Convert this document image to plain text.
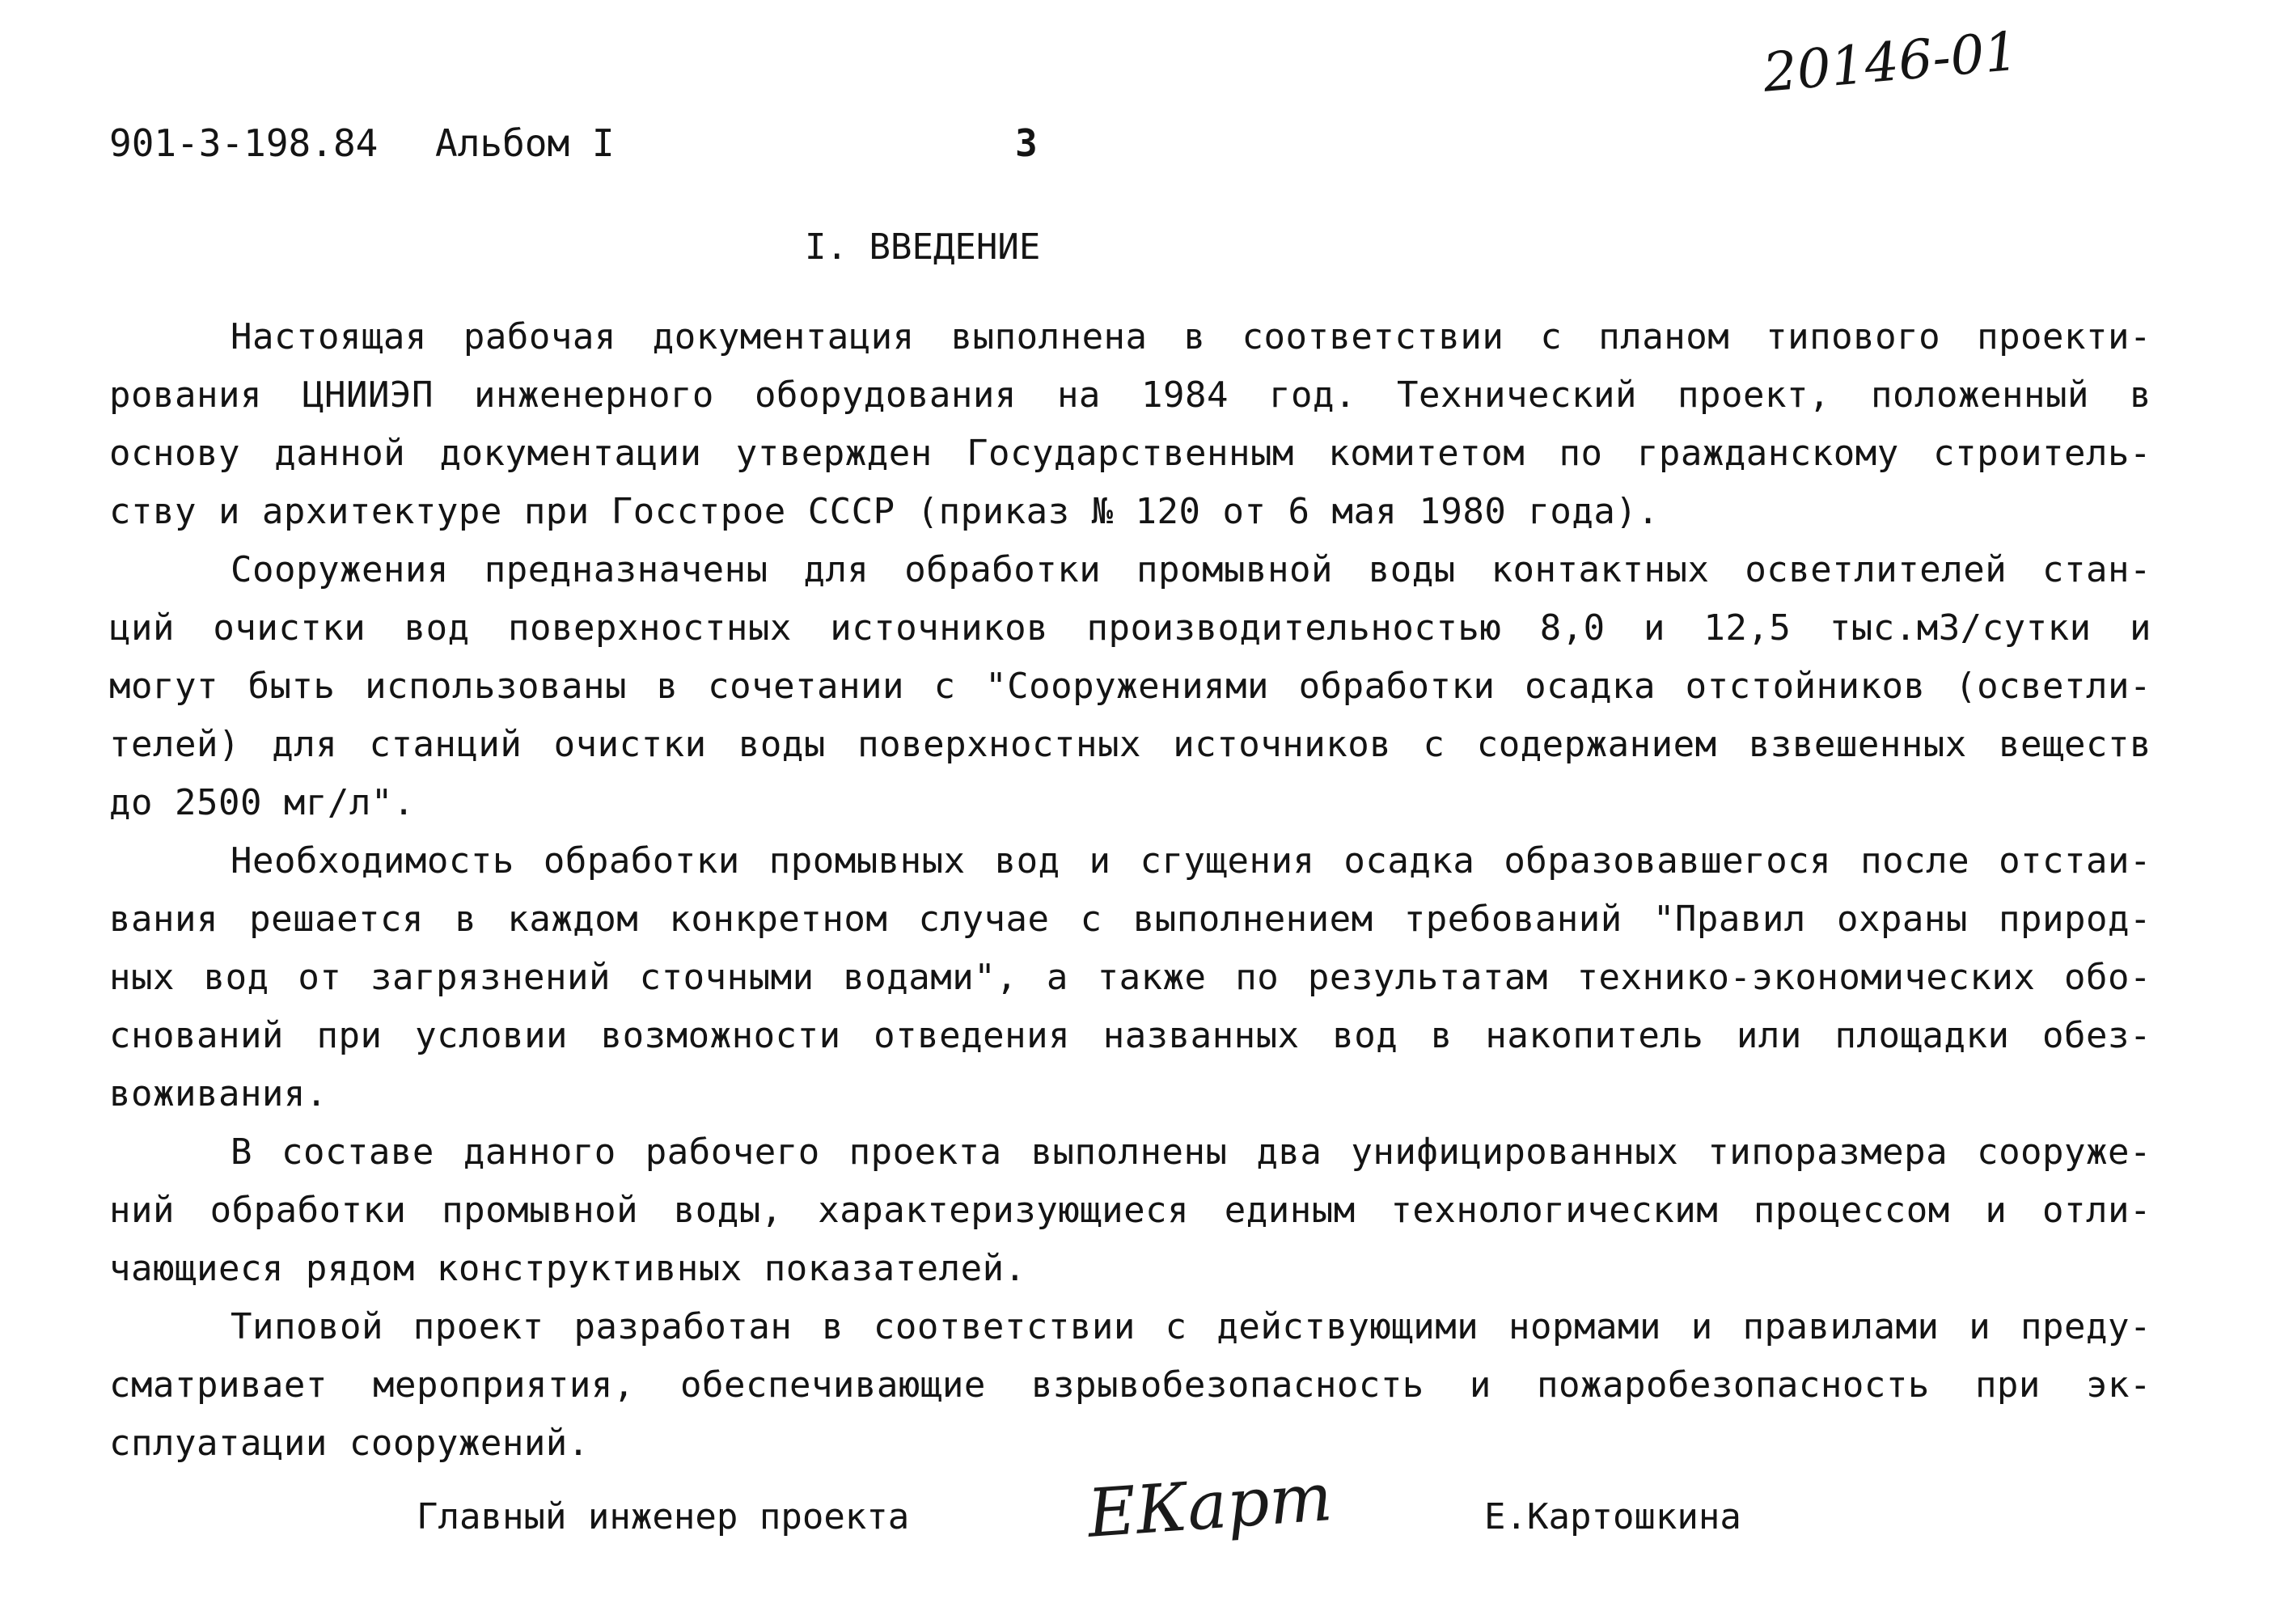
20146-01
901-3-198.84 Альбом I	3
I. ВВЕДЕНИЕ
Настоящая рабочая документация выполнена в соответствии с планом типового проекти-
рования ЦНИИЭП инженерного оборудования на 1984 год. Технический проект, положенный в
основу данной документации утвержден Государственным комитетом по гражданскому строитель-
ству и архитектуре при Госстрое СССР (приказ № 120 от 6 мая 1980 года).
Сооружения предназначены для обработки промывной воды контактных осветлителей стан-
ций очистки вод поверхностных источников производительностью 8,0 и 12,5 тыс.м3/сутки и
могут быть использованы в сочетании с "Сооружениями обработки осадка отстойников (осветли-
телей) для станций очистки воды поверхностных источников с содержанием взвешенных веществ
до 2500 мг/л".
Необходимость обработки промывных вод и сгущения осадка образовавшегося после отстаи-
вания решается в каждом конкретном случае с выполнением требований "Правил охраны природ-
ных вод от загрязнений сточными водами", а также по результатам технико-экономических обо-
снований при условии возможности отведения названных вод в накопитель или площадки обез-
воживания.
В составе данного рабочего проекта выполнены два унифицированных типоразмера сооруже-
ний обработки промывной воды, характеризующиеся единым технологическим процессом и отли-
чающиеся рядом конструктивных показателей.
Типовой проект разработан в соответствии с действующими нормами и правилами и преду-
сматривает мероприятия, обеспечивающие взрывобезопасность и пожаробезопасность при эк-
сплуатации сооружений.
Главный инженер проекта	ЕКарт	Е.Картошкина
